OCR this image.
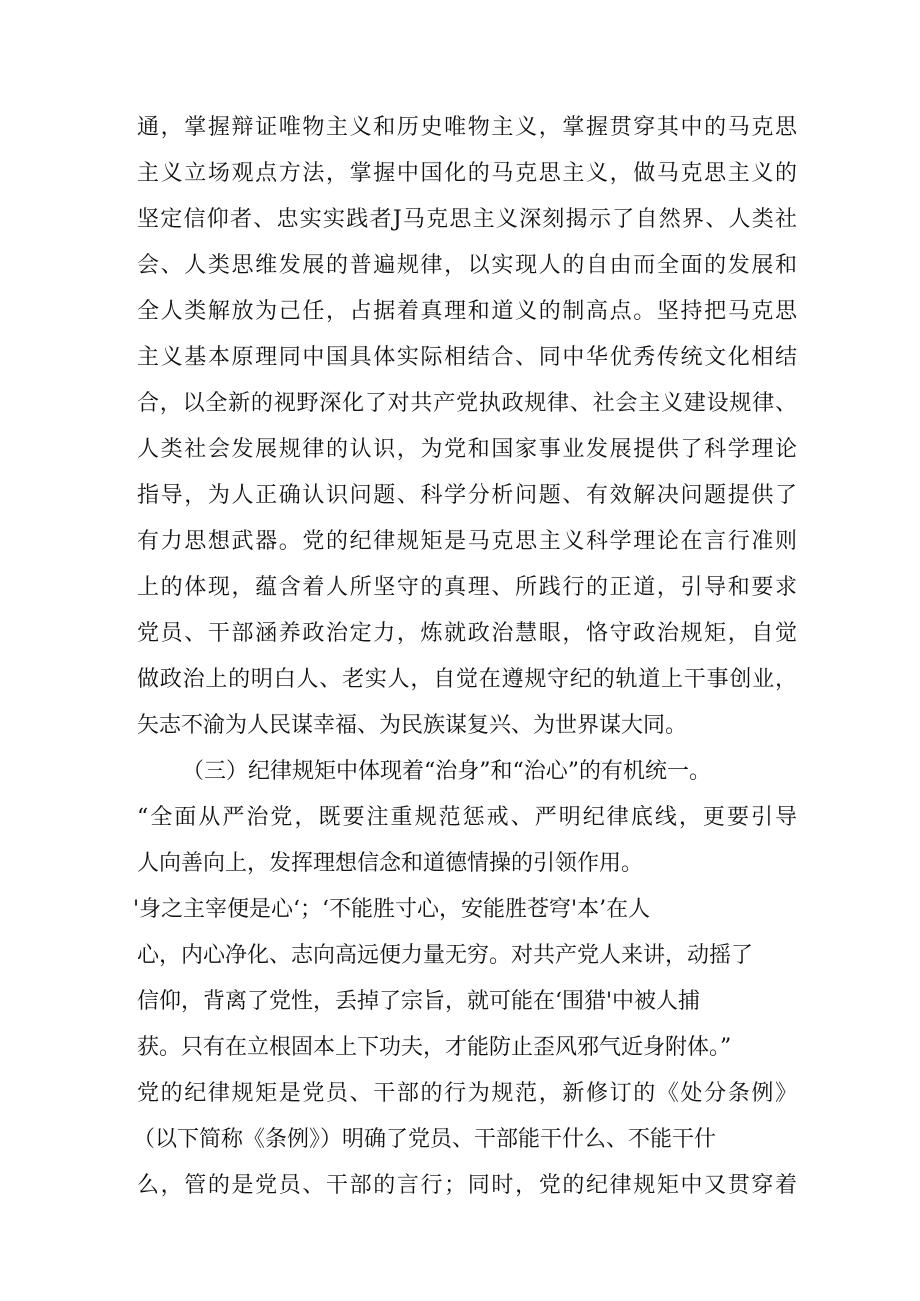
通，掌握辩证唯物主义和历史唯物主义，掌握贯穿其中的马克思
主义立场观点方法，掌握中国化的马克思主义，做马克思主义的
坚定信仰者、忠实实践者J马克思主义深刻揭示了自然界、人类社
会、人类思维发展的普遍规律，以实现人的自由而全面的发展和
全人类解放为己任，占据着真理和道义的制高点。坚持把马克思
主义基本原理同中国具体实际相结合、同中华优秀传统文化相结
合，以全新的视野深化了对共产党执政规律、社会主义建设规律、
人类社会发展规律的认识，为党和国家事业发展提供了科学理论
指导，为人正确认识问题、科学分析问题、有效解决问题提供了
有力思想武器。党的纪律规矩是马克思主义科学理论在言行准则
上的体现，蕴含着人所坚守的真理、所践行的正道，引导和要求
党员、干部涵养政治定力，炼就政治慧眼，恪守政治规矩，自觉
做政治上的明白人、老实人，自觉在遵规守纪的轨道上干事创业，
矢志不渝为人民谋幸福、为民族谋复兴、为世界谋大同。
（三）纪律规矩中体现着“治身”和“治心”的有机统一。
“全面从严治党，既要注重规范惩戒、严明纪律底线，更要引导
人向善向上，发挥理想信念和道德情操的引领作用。
'身之主宰便是心‘；‘不能胜寸心，安能胜苍穹'本’在人
心，内心净化、志向高远便力量无穷。对共产党人来讲，动摇了
信仰，背离了党性，丢掉了宗旨，就可能在‘围猎'中被人捕
获。只有在立根固本上下功夫，才能防止歪风邪气近身附体。”
党的纪律规矩是党员、干部的行为规范，新修订的《处分条例》
（以下简称《条例》）明确了党员、干部能干什么、不能干什
么，管的是党员、干部的言行；同时，党的纪律规矩中又贯穿着
